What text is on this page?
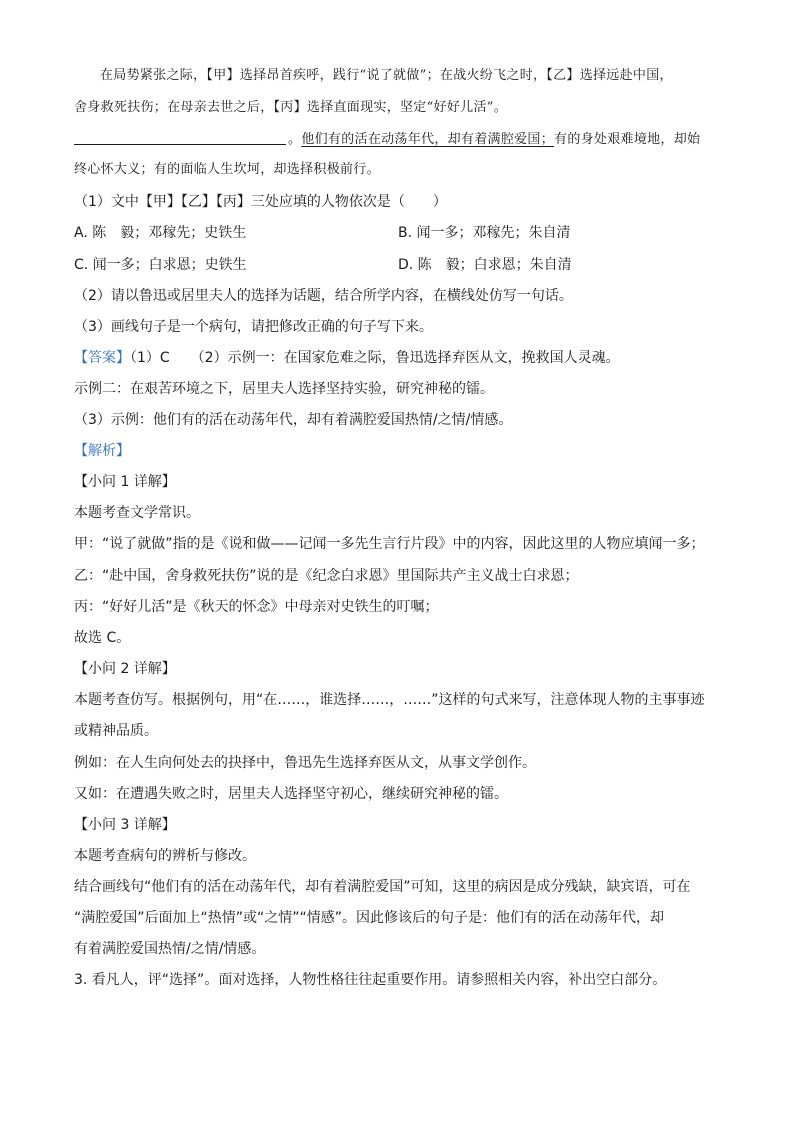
在局势紧张之际，【甲】选择昂首疾呼，践行“说了就做”；在战火纷飞之时，【乙】选择远赴中国，
舍身救死扶伤；在母亲去世之后，【丙】选择直面现实，坚定“好好儿活”。
。他们有的活在动荡年代，却有着满腔爱国；有的身处艰难境地，却始
终心怀大义；有的面临人生坎坷，却选择积极前行。
（1）文中【甲】【乙】【丙】三处应填的人物依次是（　　）
A. 陈　毅；邓稼先；史铁生	B. 闻一多；邓稼先；朱自清
C. 闻一多；白求恩；史铁生	D. 陈　毅；白求恩；朱自清
（2）请以鲁迅或居里夫人的选择为话题，结合所学内容，在横线处仿写一句话。
（3）画线句子是一个病句，请把修改正确的句子写下来。
【答案】（1）C　　（2）示例一：在国家危难之际，鲁迅选择弃医从文，挽救国人灵魂。
示例二：在艰苦环境之下，居里夫人选择坚持实验，研究神秘的镭。
（3）示例：他们有的活在动荡年代，却有着满腔爱国热情/之情/情感。
【解析】
【小问 1 详解】
本题考查文学常识。
甲：“说了就做”指的是《说和做——记闻一多先生言行片段》中的内容，因此这里的人物应填闻一多；
乙：“赴中国，舍身救死扶伤”说的是《纪念白求恩》里国际共产主义战士白求恩；
丙：“好好儿活”是《秋天的怀念》中母亲对史铁生的叮嘱；
故选 C。
【小问 2 详解】
本题考查仿写。根据例句，用“在……，谁选择……，……”这样的句式来写，注意体现人物的主事事迹
或精神品质。
例如：在人生向何处去的抉择中，鲁迅先生选择弃医从文，从事文学创作。
又如：在遭遇失败之时，居里夫人选择坚守初心，继续研究神秘的镭。
【小问 3 详解】
本题考查病句的辨析与修改。
结合画线句“他们有的活在动荡年代，却有着满腔爱国”可知，这里的病因是成分残缺，缺宾语，可在
“满腔爱国”后面加上“热情”或“之情”“情感”。因此修该后的句子是：他们有的活在动荡年代，却
有着满腔爱国热情/之情/情感。
3. 看凡人，评“选择”。面对选择，人物性格往往起重要作用。请参照相关内容，补出空白部分。
